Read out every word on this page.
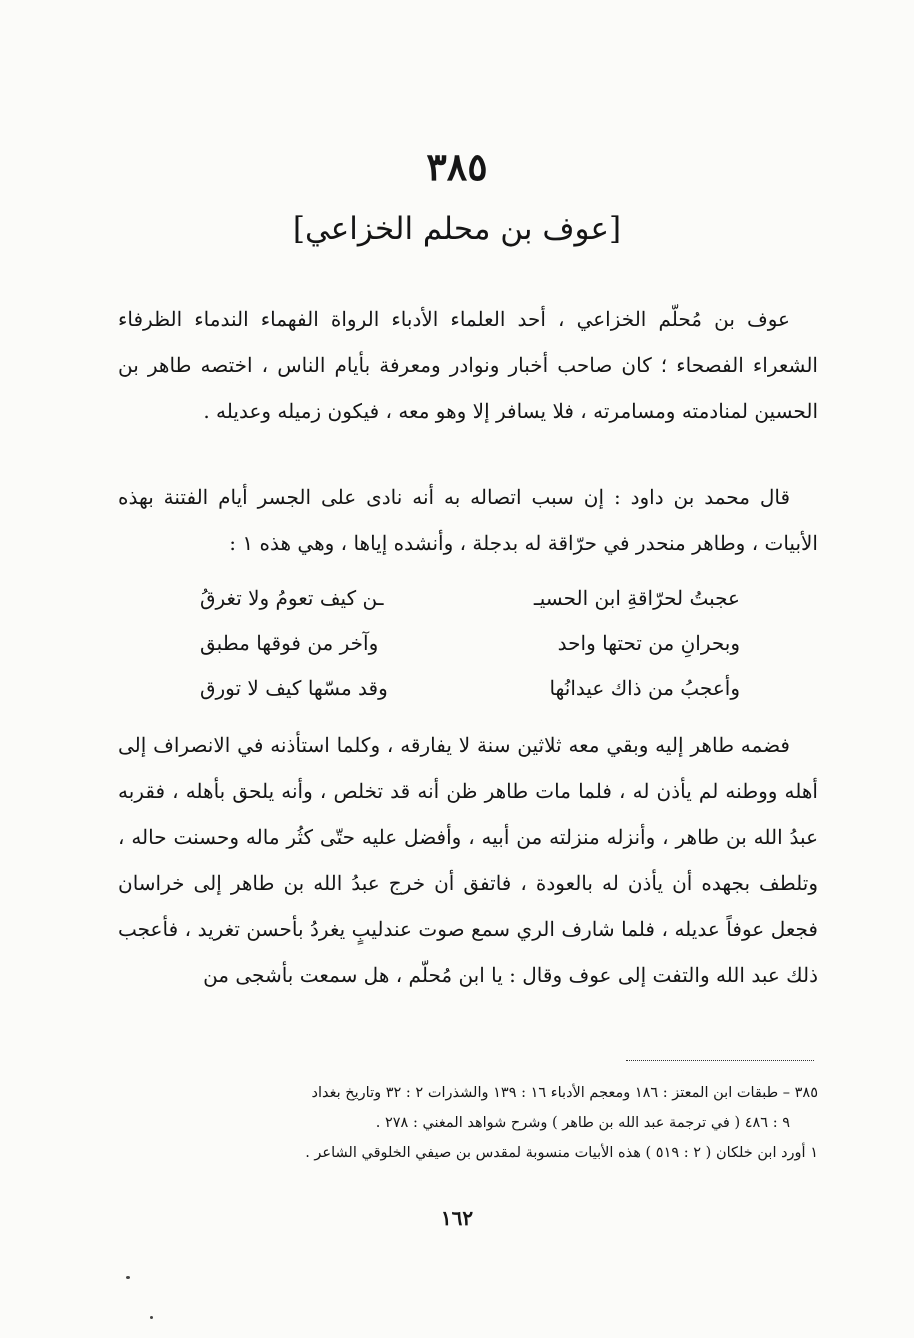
٣٨٥
[عوف بن محلم الخزاعي]

عوف بن مُحلّم الخزاعي ، أحد العلماء الأدباء الرواة الفهماء الندماء الظرفاء الشعراء الفصحاء ؛ كان صاحب أخبار ونوادر ومعرفة بأيام الناس ، اختصه طاهر بن الحسين لمنادمته ومسامرته ، فلا يسافر إلا وهو معه ، فيكون زميله وعديله .

قال محمد بن داود : إن سبب اتصاله به أنه نادى على الجسر أيام الفتنة بهذه الأبيات ، وطاهر منحدر في حرّاقة له بدجلة ، وأنشده إياها ، وهي هذه ١ :

عجبتُ لحرّاقةِ ابن الحسيـ
ـن كيف تعومُ ولا تغرقُ
وبحرانِ من تحتها واحد
وآخر من فوقها مطبق
وأعجبُ من ذاك عيدانُها
وقد مسّها كيف لا تورق

فضمه طاهر إليه وبقي معه ثلاثين سنة لا يفارقه ، وكلما استأذنه في الانصراف إلى أهله ووطنه لم يأذن له ، فلما مات طاهر ظن أنه قد تخلص ، وأنه يلحق بأهله ، فقربه عبدُ الله بن طاهر ، وأنزله منزلته من أبيه ، وأفضل عليه حتّى كثُر ماله وحسنت حاله ، وتلطف بجهده أن يأذن له بالعودة ، فاتفق أن خرج عبدُ الله بن طاهر إلى خراسان فجعل عوفاً عديله ، فلما شارف الري سمع صوت عندليبٍ يغردُ بأحسن تغريد ، فأعجب ذلك عبد الله والتفت إلى عوف وقال : يا ابن مُحلّم ، هل سمعت بأشجى من

٣٨٥ – طبقات ابن المعتز : ١٨٦ ومعجم الأدباء ١٦ : ١٣٩ والشذرات ٢ : ٣٢ وتاريخ بغداد
٩ : ٤٨٦ ( في ترجمة عبد الله بن طاهر ) وشرح شواهد المغني : ٢٧٨ .
١ أورد ابن خلكان ( ٢ : ٥١٩ ) هذه الأبيات منسوبة لمقدس بن صيفي الخلوقي الشاعر .
١٦٢
